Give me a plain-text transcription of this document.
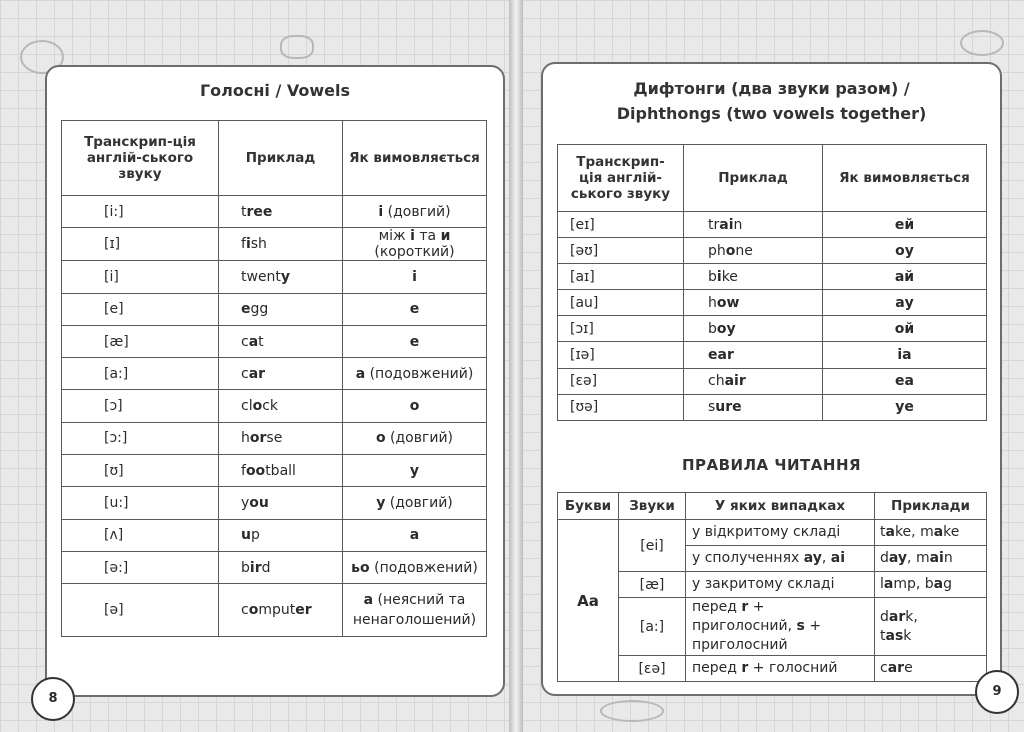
Голосні / Vowels
Транскрип-ція англій-ського звуку	Приклад	Як вимовляється
[i:]	tree	i (довгий)
[ɪ]	fish	між і та и (короткий)
[i]	twenty	і
[e]	egg	е
[æ]	cat	е
[a:]	car	а (подовжений)
[ɔ]	clock	о
[ɔ:]	horse	о (довгий)
[ʊ]	football	у
[u:]	you	у (довгий)
[ʌ]	up	а
[ə:]	bird	ьо (подовжений)
[ə]	computer	а (неясний та ненаголошений)
Дифтонги (два звуки разом) /
Diphthongs (two vowels together)
Транскрип-ція англій-ського звуку	Приклад	Як вимовляється
[eɪ]	train	ей
[əʊ]	phone	оу
[aɪ]	bike	ай
[au]	how	ау
[ɔɪ]	boy	ой
[ɪə]	ear	іа
[ɛə]	chair	еа
[ʊə]	sure	уе
ПРАВИЛА ЧИТАННЯ
Букви	Звуки	У яких випадках	Приклади
Aa	[ei]	у відкритому складі	take, make
		у сполученнях ay, ai	day, main
	[æ]	у закритому складі	lamp, bag
	[a:]	перед r + приголосний, s + приголосний	dark,
task
	[ɛə]	перед r + голосний	care
8	9
